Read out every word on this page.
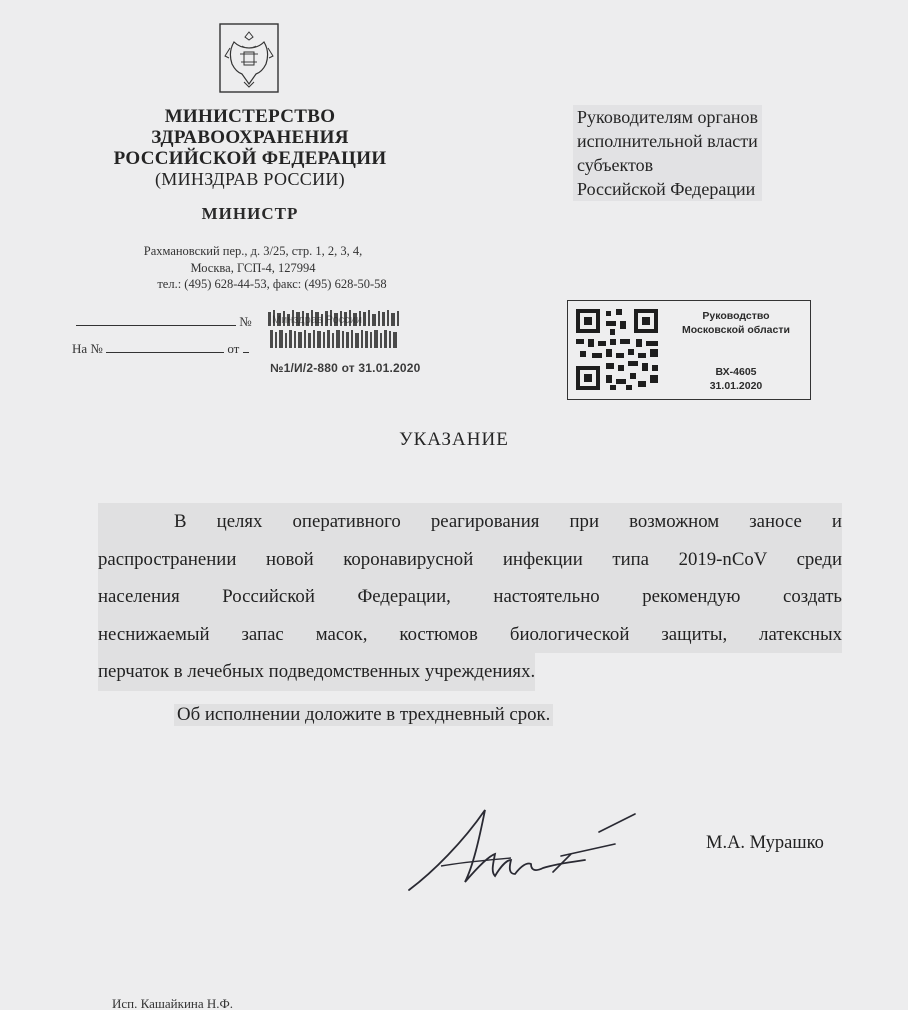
МИНИСТЕРСТВО
ЗДРАВООХРАНЕНИЯ
РОССИЙСКОЙ ФЕДЕРАЦИИ
(МИНЗДРАВ РОССИИ)
МИНИСТР
Рахмановский пер., д. 3/25, стр. 1, 2, 3, 4,
Москва, ГСП-4, 127994
тел.: (495) 628-44-53, факс: (495) 628-50-58
№
На №	от
Минздрав России
№1/И/2-880 от 31.01.2020
Руководителям органов
исполнительной власти
субъектов
Российской Федерации
Руководство
Московской области
ВХ-4605
31.01.2020
УКАЗАНИЕ
В целях оперативного реагирования при возможном заносе и
распространении новой коронавирусной инфекции типа 2019-nCoV среди
населения Российской Федерации, настоятельно рекомендую создать
неснижаемый запас масок, костюмов биологической защиты, латексных
перчаток в лечебных подведомственных учреждениях.
Об исполнении доложите в трехдневный срок.
М.А. Мурашко
Исп. Кашайкина Н.Ф.
